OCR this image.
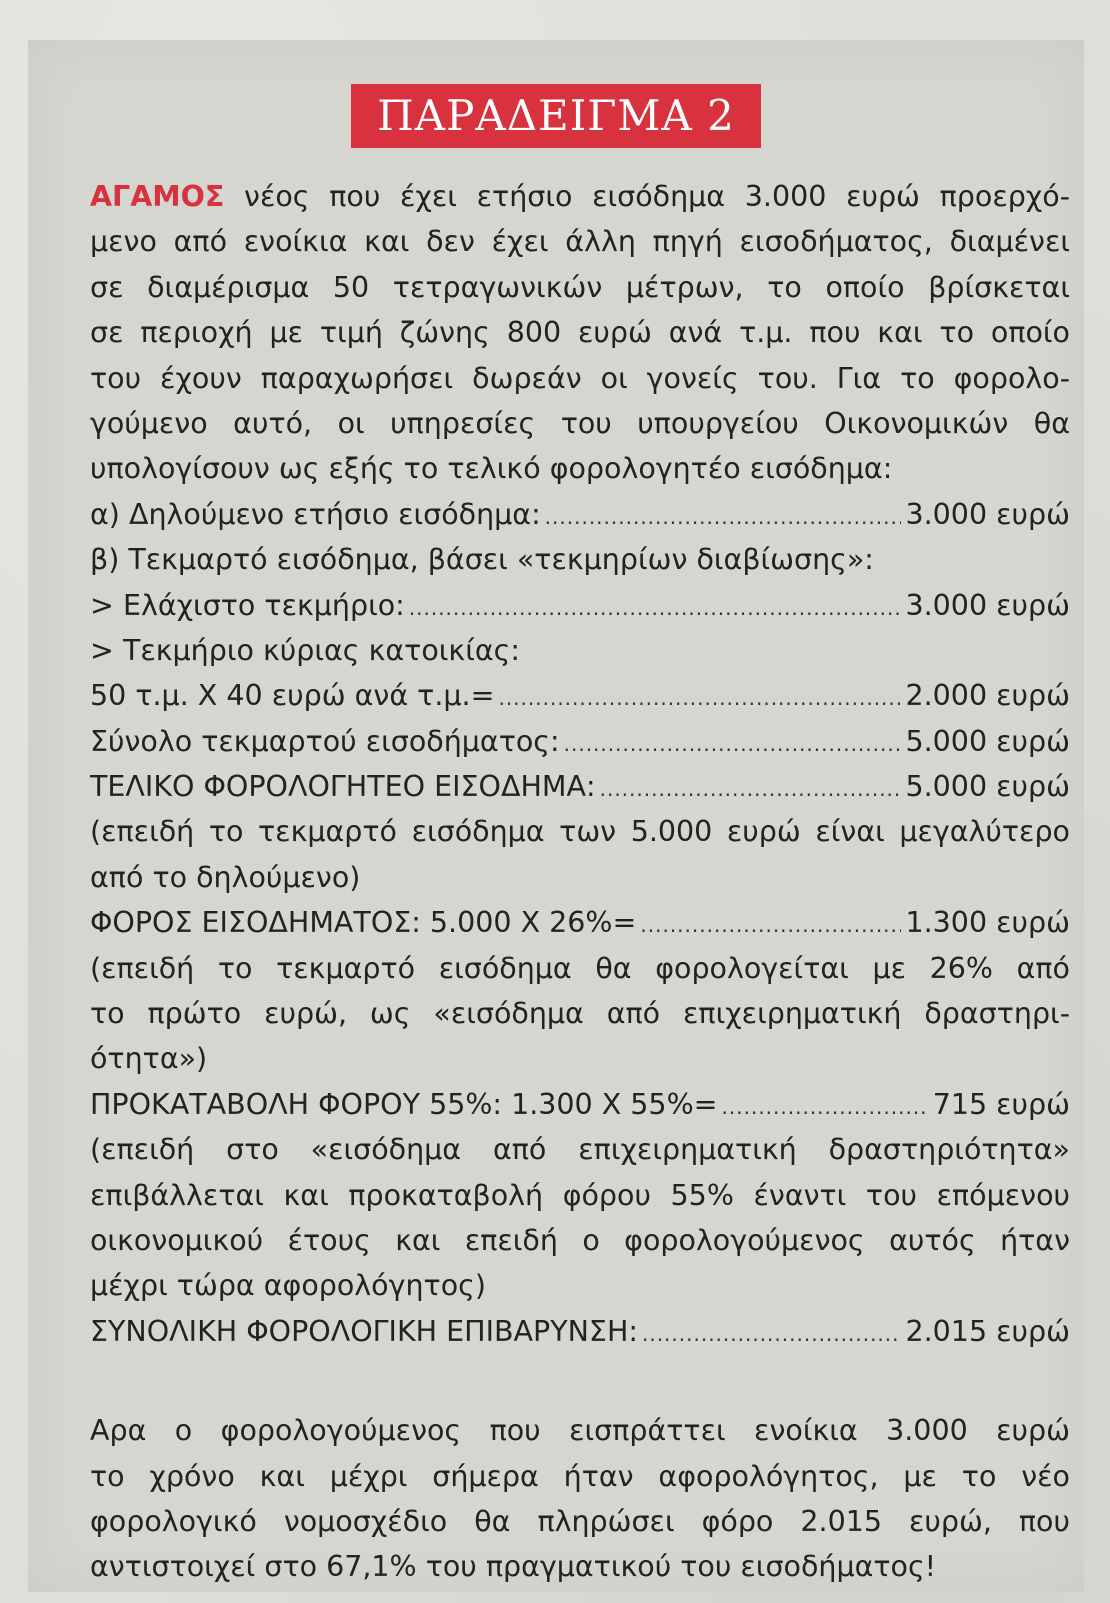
ΠΑΡΑΔΕΙΓΜΑ 2
ΑΓΑΜΟΣ νέος που έχει ετήσιο εισόδημα 3.000 ευρώ προερχό-
μενο από ενοίκια και δεν έχει άλλη πηγή εισοδήματος, διαμένει
σε διαμέρισμα 50 τετραγωνικών μέτρων, το οποίο βρίσκεται
σε περιοχή με τιμή ζώνης 800 ευρώ ανά τ.μ. που και το οποίο
του έχουν παραχωρήσει δωρεάν οι γονείς του. Για το φορολο-
γούμενο αυτό, οι υπηρεσίες του υπουργείου Οικονομικών θα
υπολογίσουν ως εξής το τελικό φορολογητέο εισόδημα:
α) Δηλούμενο ετήσιο εισόδημα: .....	3.000 ευρώ
β) Τεκμαρτό εισόδημα, βάσει «τεκμηρίων διαβίωσης»:
> Ελάχιστο τεκμήριο: .....	3.000 ευρώ
> Τεκμήριο κύριας κατοικίας:
50 τ.μ. Χ 40 ευρώ ανά τ.μ.= .....	2.000 ευρώ
Σύνολο τεκμαρτού εισοδήματος: .....	5.000 ευρώ
ΤΕΛΙΚΟ ΦΟΡΟΛΟΓΗΤΕΟ ΕΙΣΟΔΗΜΑ: .....	5.000 ευρώ
(επειδή το τεκμαρτό εισόδημα των 5.000 ευρώ είναι μεγαλύτερο
από το δηλούμενο)
ΦΟΡΟΣ ΕΙΣΟΔΗΜΑΤΟΣ: 5.000 Χ 26%= .....	1.300 ευρώ
(επειδή το τεκμαρτό εισόδημα θα φορολογείται με 26% από
το πρώτο ευρώ, ως «εισόδημα από επιχειρηματική δραστηρι-
ότητα»)
ΠΡΟΚΑΤΑΒΟΛΗ ΦΟΡΟΥ 55%: 1.300 Χ 55%= .....	715 ευρώ
(επειδή στο «εισόδημα από επιχειρηματική δραστηριότητα»
επιβάλλεται και προκαταβολή φόρου 55% έναντι του επόμενου
οικονομικού έτους και επειδή ο φορολογούμενος αυτός ήταν
μέχρι τώρα αφορολόγητος)
ΣΥΝΟΛΙΚΗ ΦΟΡΟΛΟΓΙΚΗ ΕΠΙΒΑΡΥΝΣΗ: .....	2.015 ευρώ
Αρα ο φορολογούμενος που εισπράττει ενοίκια 3.000 ευρώ
το χρόνο και μέχρι σήμερα ήταν αφορολόγητος, με το νέο
φορολογικό νομοσχέδιο θα πληρώσει φόρο 2.015 ευρώ, που
αντιστοιχεί στο 67,1% του πραγματικού του εισοδήματος!
